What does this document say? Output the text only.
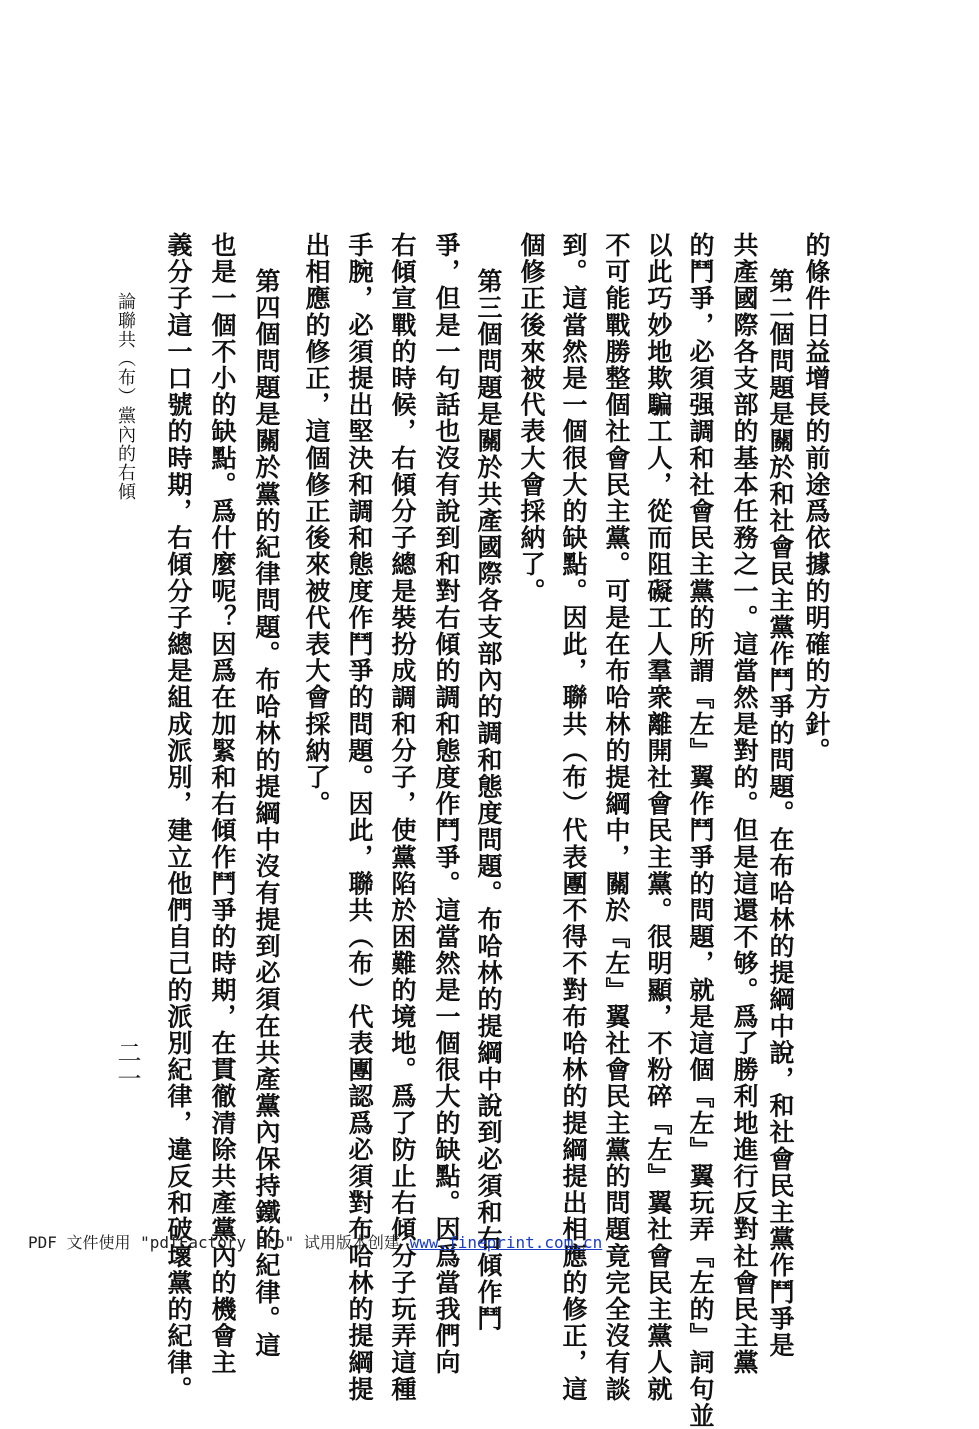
的條件日益增長的前途爲依據的明確的方針。
第二個問題是關於和社會民主黨作鬥爭的問題。在布哈林的提綱中說，和社會民主黨作鬥爭是
共產國際各支部的基本任務之一。這當然是對的。但是這還不够。爲了勝利地進行反對社會民主黨
的鬥爭，必須强調和社會民主黨的所謂『左』翼作鬥爭的問題，就是這個『左』翼玩弄『左的』詞句並
以此巧妙地欺騙工人，從而阻礙工人羣衆離開社會民主黨。很明顯，不粉碎『左』翼社會民主黨人就
不可能戰勝整個社會民主黨。可是在布哈林的提綱中，關於『左』翼社會民主黨的問題竟完全沒有談
到。這當然是一個很大的缺點。因此，聯共（布）代表團不得不對布哈林的提綱提出相應的修正，這
個修正後來被代表大會採納了。
第三個問題是關於共產國際各支部內的調和態度問題。布哈林的提綱中說到必須和右傾作鬥
爭，但是一句話也沒有說到和對右傾的調和態度作鬥爭。這當然是一個很大的缺點。因爲當我們向
右傾宣戰的時候，右傾分子總是裝扮成調和分子，使黨陷於困難的境地。爲了防止右傾分子玩弄這種
手腕，必須提出堅決和調和態度作鬥爭的問題。因此，聯共（布）代表團認爲必須對布哈林的提綱提
出相應的修正，這個修正後來被代表大會採納了。
第四個問題是關於黨的紀律問題。布哈林的提綱中沒有提到必須在共產黨內保持鐵的紀律。這
也是一個不小的缺點。爲什麼呢？因爲在加緊和右傾作鬥爭的時期，在貫徹清除共產黨內的機會主
義分子這一口號的時期，右傾分子總是組成派別，建立他們自己的派別紀律，違反和破壞黨的紀律。
論聯共（布）黨內的右傾
二一
PDF 文件使用 "pdfFactory Pro" 试用版本创建 www.fineprint.com.cn
